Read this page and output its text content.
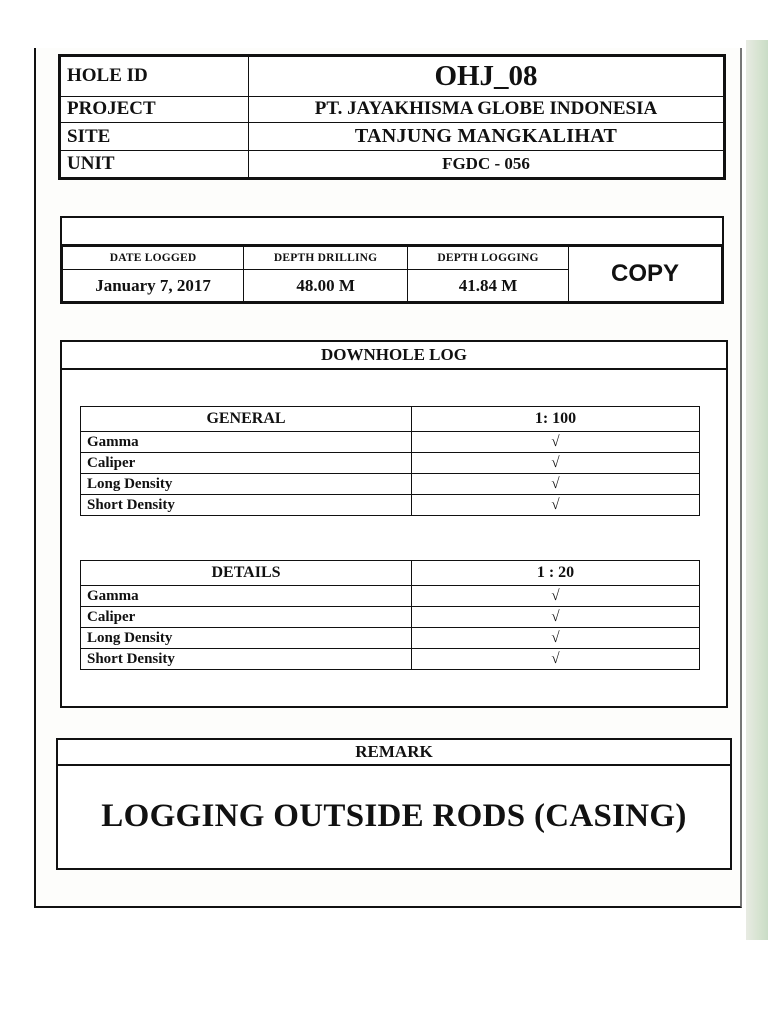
HOLE ID	OHJ_08
PROJECT	PT. JAYAKHISMA GLOBE INDONESIA
SITE	TANJUNG MANGKALIHAT
UNIT	FGDC - 056
DATE LOGGED	DEPTH DRILLING	DEPTH LOGGING	COPY
January 7, 2017	48.00 M	41.84 M	
DOWNHOLE LOG
GENERAL	1: 100
Gamma	√
Caliper	√
Long Density	√
Short Density	√
DETAILS	1 : 20
Gamma	√
Caliper	√
Long Density	√
Short Density	√
REMARK
LOGGING OUTSIDE RODS (CASING)
